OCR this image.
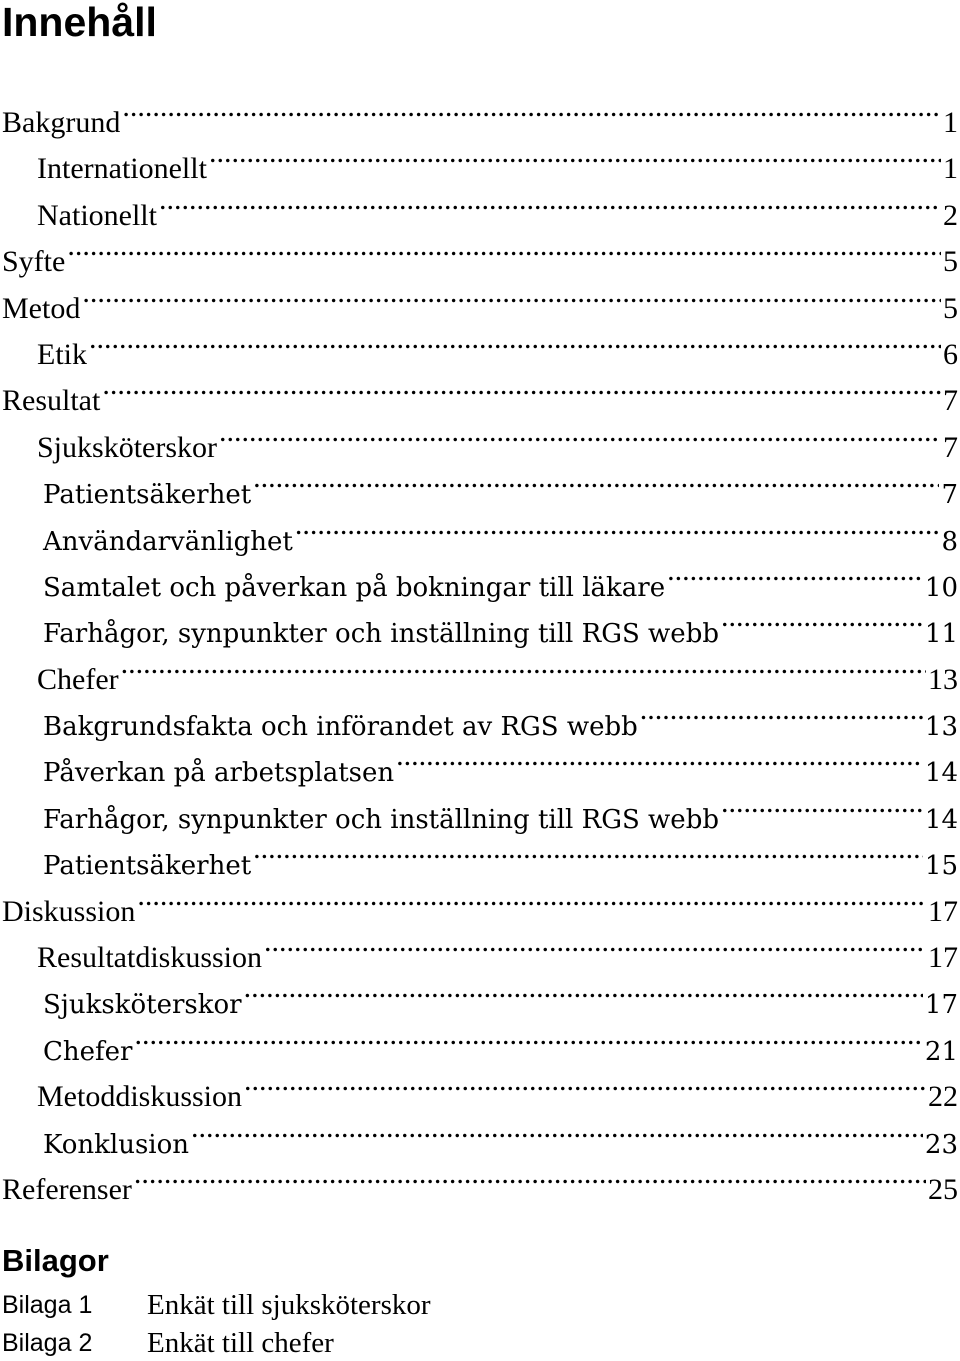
Innehåll
Bakgrund .....	1
Internationellt .....	1
Nationellt .....	2
Syfte .....	5
Metod .....	5
Etik .....	6
Resultat .....	7
Sjuksköterskor .....	7
Patientsäkerhet .....	7
Användarvänlighet .....	8
Samtalet och påverkan på bokningar till läkare .....	10
Farhågor, synpunkter och inställning till RGS webb .....	11
Chefer .....	13
Bakgrundsfakta och införandet av RGS webb .....	13
Påverkan på arbetsplatsen .....	14
Farhågor, synpunkter och inställning till RGS webb .....	14
Patientsäkerhet .....	15
Diskussion .....	17
Resultatdiskussion .....	17
Sjuksköterskor .....	17
Chefer .....	21
Metoddiskussion .....	22
Konklusion .....	23
Referenser .....	25
Bilagor
Bilaga 1	Enkät till sjuksköterskor
Bilaga 2	Enkät till chefer
